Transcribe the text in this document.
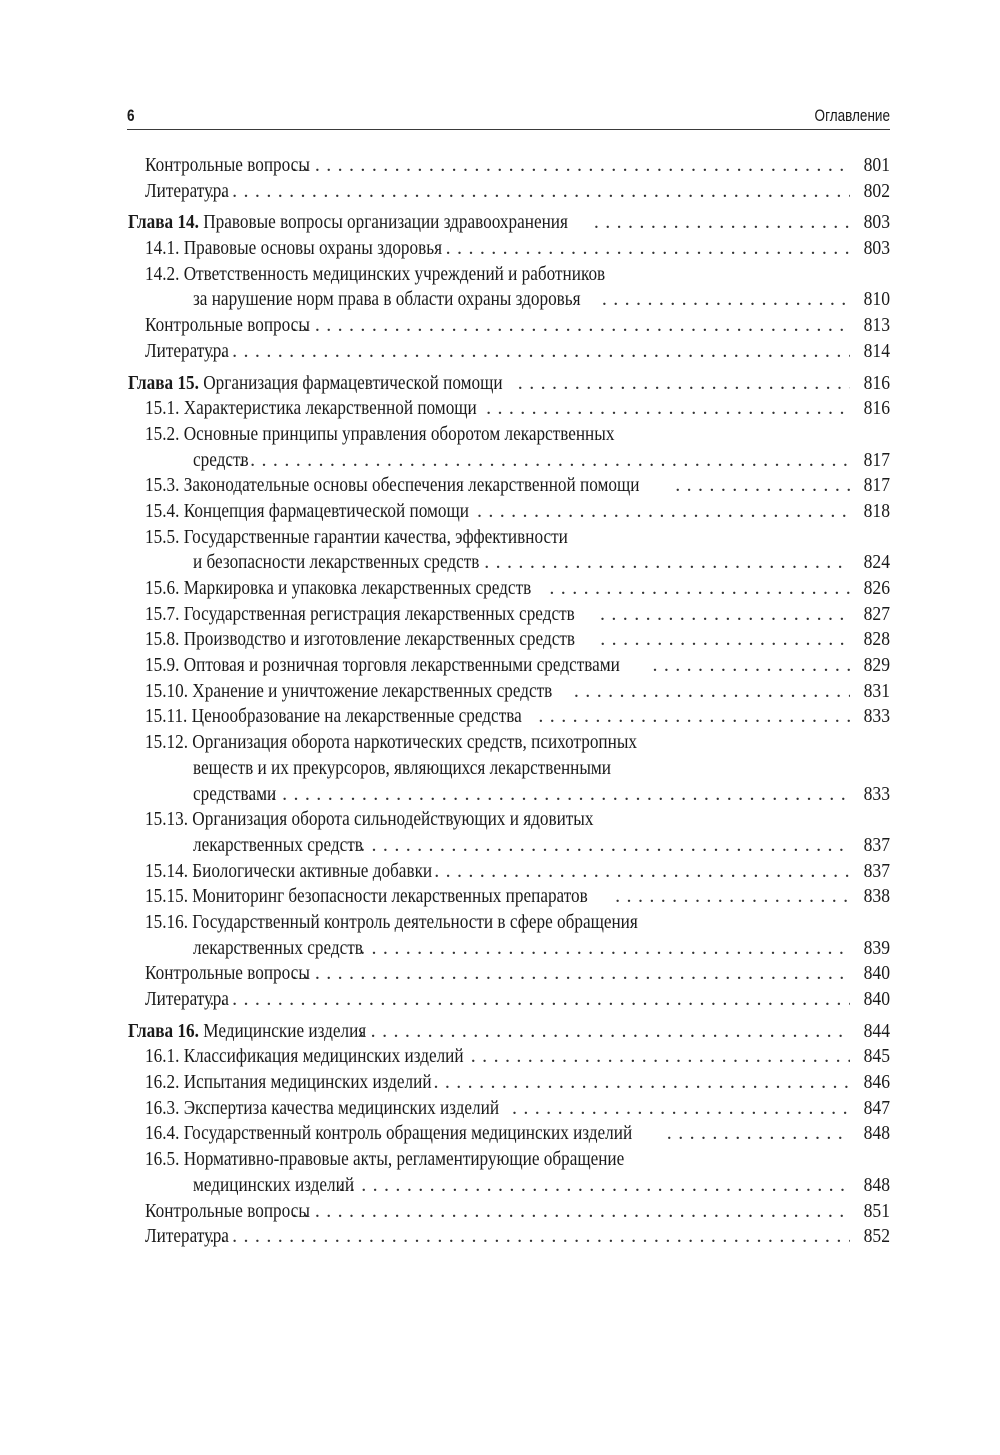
6	Оглавление
Контрольные вопросы . . .	801
Литература . . .	802
Глава 14. Правовые вопросы организации здравоохранения . . .	803
14.1. Правовые основы охраны здоровья . . .	803
14.2. Ответственность медицинских учреждений и работников
за нарушение норм права в области охраны здоровья . . .	810
Контрольные вопросы . . .	813
Литература . . .	814
Глава 15. Организация фармацевтической помощи . . .	816
15.1. Характеристика лекарственной помощи . . .	816
15.2. Основные принципы управления оборотом лекарственных
средств . . .	817
15.3. Законодательные основы обеспечения лекарственной помощи . . .	817
15.4. Концепция фармацевтической помощи . . .	818
15.5. Государственные гарантии качества, эффективности
и безопасности лекарственных средств . . .	824
15.6. Маркировка и упаковка лекарственных средств . . .	826
15.7. Государственная регистрация лекарственных средств . . .	827
15.8. Производство и изготовление лекарственных средств . . .	828
15.9. Оптовая и розничная торговля лекарственными средствами . . .	829
15.10. Хранение и уничтожение лекарственных средств . . .	831
15.11. Ценообразование на лекарственные средства . . .	833
15.12. Организация оборота наркотических средств, психотропных
веществ и их прекурсоров, являющихся лекарственными
средствами . . .	833
15.13. Организация оборота сильнодействующих и ядовитых
лекарственных средств . . .	837
15.14. Биологически активные добавки . . .	837
15.15. Мониторинг безопасности лекарственных препаратов . . .	838
15.16. Государственный контроль деятельности в сфере обращения
лекарственных средств . . .	839
Контрольные вопросы . . .	840
Литература . . .	840
Глава 16. Медицинские изделия . . .	844
16.1. Классификация медицинских изделий . . .	845
16.2. Испытания медицинских изделий . . .	846
16.3. Экспертиза качества медицинских изделий . . .	847
16.4. Государственный контроль обращения медицинских изделий . . .	848
16.5. Нормативно-правовые акты, регламентирующие обращение
медицинских изделий . . .	848
Контрольные вопросы . . .	851
Литература . . .	852
